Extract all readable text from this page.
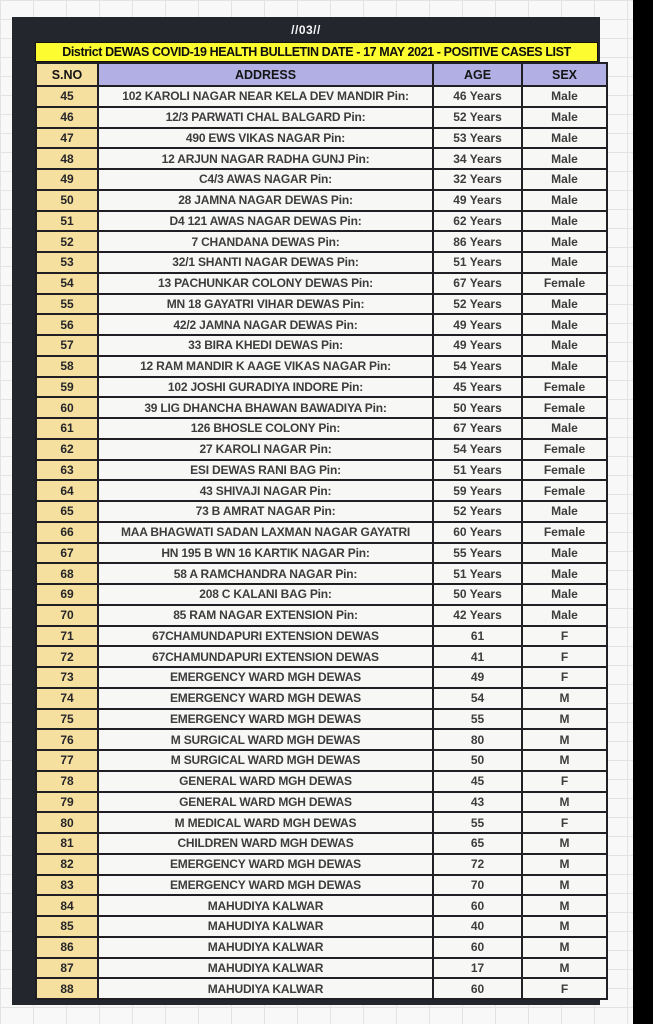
//03//
District DEWAS COVID-19 HEALTH BULLETIN DATE - 17 MAY 2021 - POSITIVE CASES LIST
S.NO	ADDRESS	AGE	SEX
45	102 KAROLI NAGAR NEAR KELA DEV MANDIR Pin:	46 Years	Male
46	12/3 PARWATI CHAL BALGARD Pin:	52 Years	Male
47	490 EWS VIKAS NAGAR Pin:	53 Years	Male
48	12 ARJUN NAGAR RADHA GUNJ Pin:	34 Years	Male
49	C4/3 AWAS NAGAR Pin:	32 Years	Male
50	28 JAMNA NAGAR DEWAS Pin:	49 Years	Male
51	D4 121 AWAS NAGAR DEWAS Pin:	62 Years	Male
52	7 CHANDANA DEWAS Pin:	86 Years	Male
53	32/1 SHANTI NAGAR DEWAS Pin:	51 Years	Male
54	13 PACHUNKAR COLONY DEWAS Pin:	67 Years	Female
55	MN 18 GAYATRI VIHAR DEWAS Pin:	52 Years	Male
56	42/2 JAMNA NAGAR DEWAS Pin:	49 Years	Male
57	33 BIRA KHEDI DEWAS Pin:	49 Years	Male
58	12 RAM MANDIR K AAGE VIKAS NAGAR Pin:	54 Years	Male
59	102 JOSHI GURADIYA INDORE Pin:	45 Years	Female
60	39 LIG DHANCHA BHAWAN BAWADIYA Pin:	50 Years	Female
61	126 BHOSLE COLONY Pin:	67 Years	Male
62	27 KAROLI NAGAR Pin:	54 Years	Female
63	ESI DEWAS RANI BAG Pin:	51 Years	Female
64	43 SHIVAJI NAGAR Pin:	59 Years	Female
65	73 B AMRAT NAGAR Pin:	52 Years	Male
66	MAA BHAGWATI SADAN LAXMAN NAGAR GAYATRI	60 Years	Female
67	HN 195 B WN 16 KARTIK NAGAR Pin:	55 Years	Male
68	58 A RAMCHANDRA NAGAR Pin:	51 Years	Male
69	208 C KALANI BAG Pin:	50 Years	Male
70	85 RAM NAGAR EXTENSION Pin:	42 Years	Male
71	67CHAMUNDAPURI EXTENSION DEWAS	61	F
72	67CHAMUNDAPURI EXTENSION DEWAS	41	F
73	EMERGENCY WARD MGH DEWAS	49	F
74	EMERGENCY WARD MGH DEWAS	54	M
75	EMERGENCY WARD MGH DEWAS	55	M
76	M SURGICAL WARD MGH DEWAS	80	M
77	M SURGICAL WARD MGH DEWAS	50	M
78	GENERAL WARD MGH DEWAS	45	F
79	GENERAL WARD MGH DEWAS	43	M
80	M MEDICAL WARD MGH DEWAS	55	F
81	CHILDREN WARD MGH DEWAS	65	M
82	EMERGENCY WARD MGH DEWAS	72	M
83	EMERGENCY WARD MGH DEWAS	70	M
84	MAHUDIYA KALWAR	60	M
85	MAHUDIYA KALWAR	40	M
86	MAHUDIYA KALWAR	60	M
87	MAHUDIYA KALWAR	17	M
88	MAHUDIYA KALWAR	60	F
